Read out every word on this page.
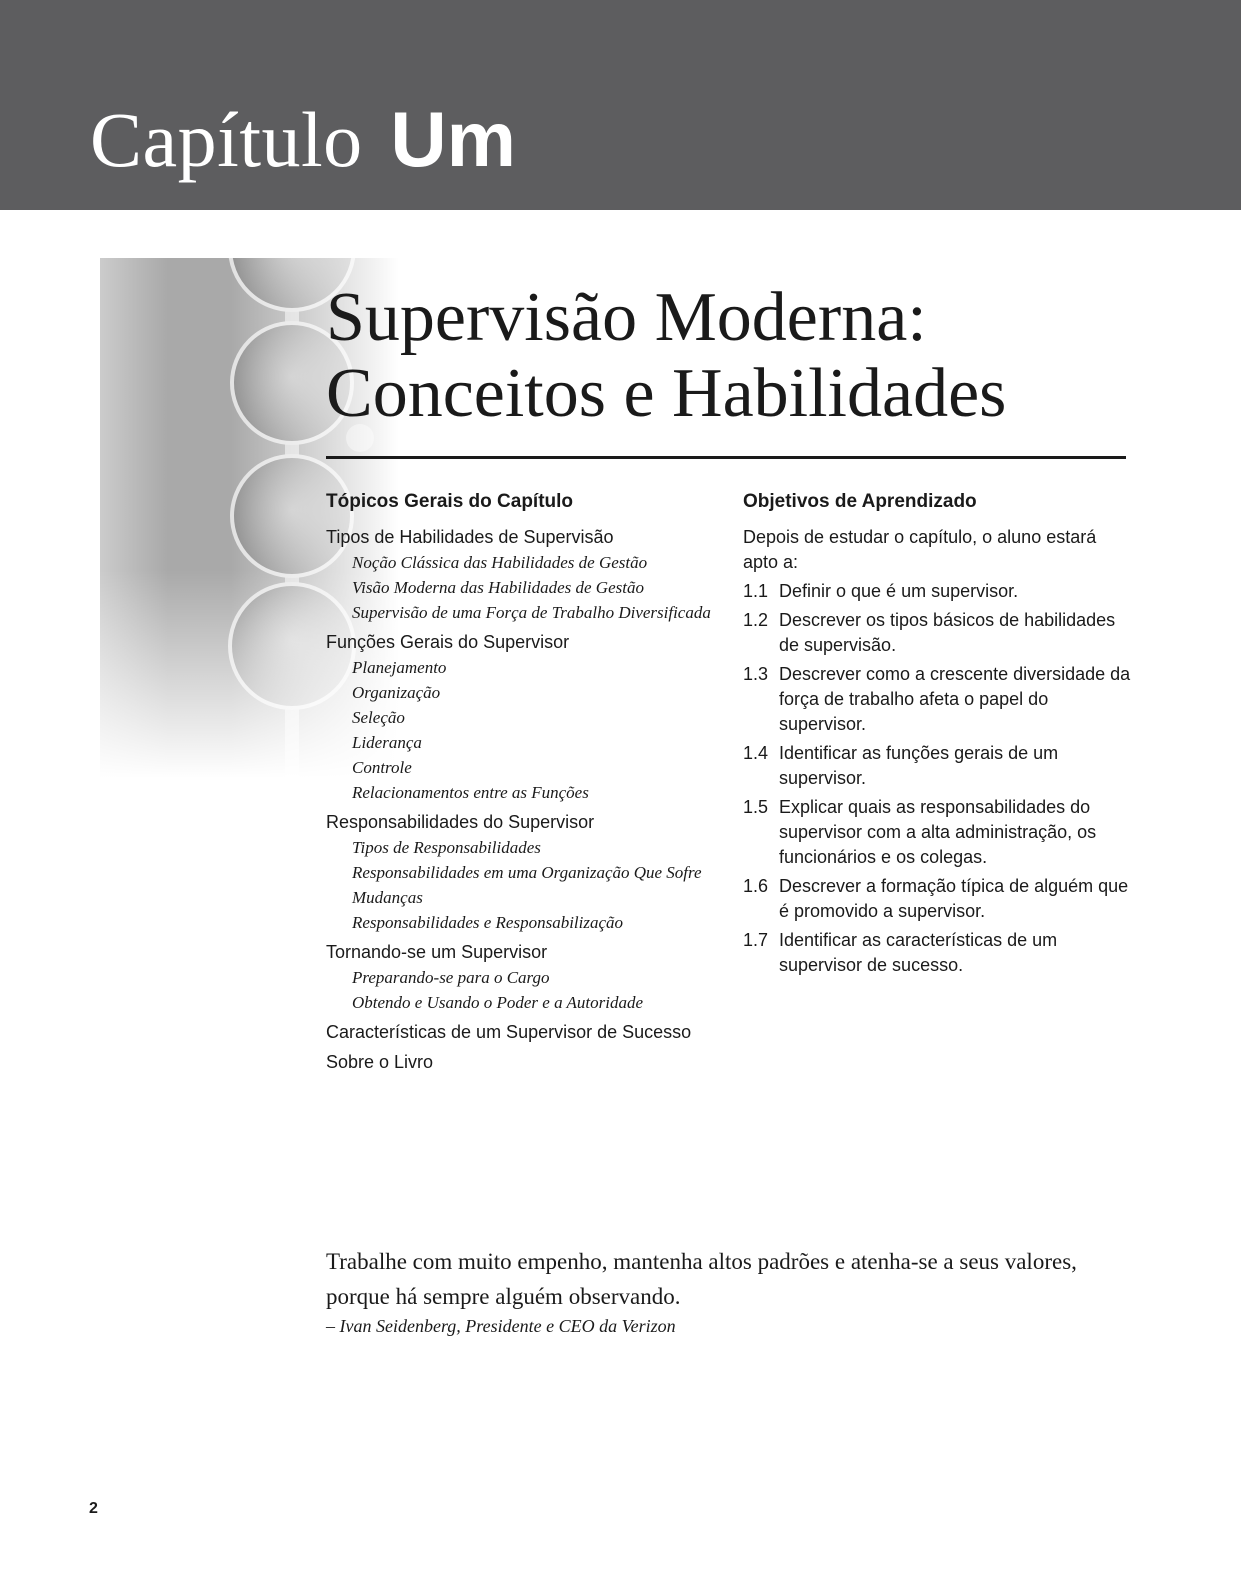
Capítulo Um
Supervisão Moderna:
Conceitos e Habilidades
Tópicos Gerais do Capítulo
Tipos de Habilidades de Supervisão
Noção Clássica das Habilidades de Gestão
Visão Moderna das Habilidades de Gestão
Supervisão de uma Força de Trabalho Diversificada
Funções Gerais do Supervisor
Planejamento
Organização
Seleção
Liderança
Controle
Relacionamentos entre as Funções
Responsabilidades do Supervisor
Tipos de Responsabilidades
Responsabilidades em uma Organização Que Sofre Mudanças
Responsabilidades e Responsabilização
Tornando-se um Supervisor
Preparando-se para o Cargo
Obtendo e Usando o Poder e a Autoridade
Características de um Supervisor de Sucesso
Sobre o Livro
Objetivos de Aprendizado

Depois de estudar o capítulo, o aluno estará apto a:

1.1 Definir o que é um supervisor.
1.2 Descrever os tipos básicos de habilidades de supervisão.
1.3 Descrever como a crescente diversidade da força de trabalho afeta o papel do supervisor.
1.4 Identificar as funções gerais de um supervisor.
1.5 Explicar quais as responsabilidades do supervisor com a alta administração, os funcionários e os colegas.
1.6 Descrever a formação típica de alguém que é promovido a supervisor.
1.7 Identificar as características de um supervisor de sucesso.

Trabalhe com muito empenho, mantenha altos padrões e atenha-se a seus valores, porque há sempre alguém observando.

– Ivan Seidenberg, Presidente e CEO da Verizon

2
